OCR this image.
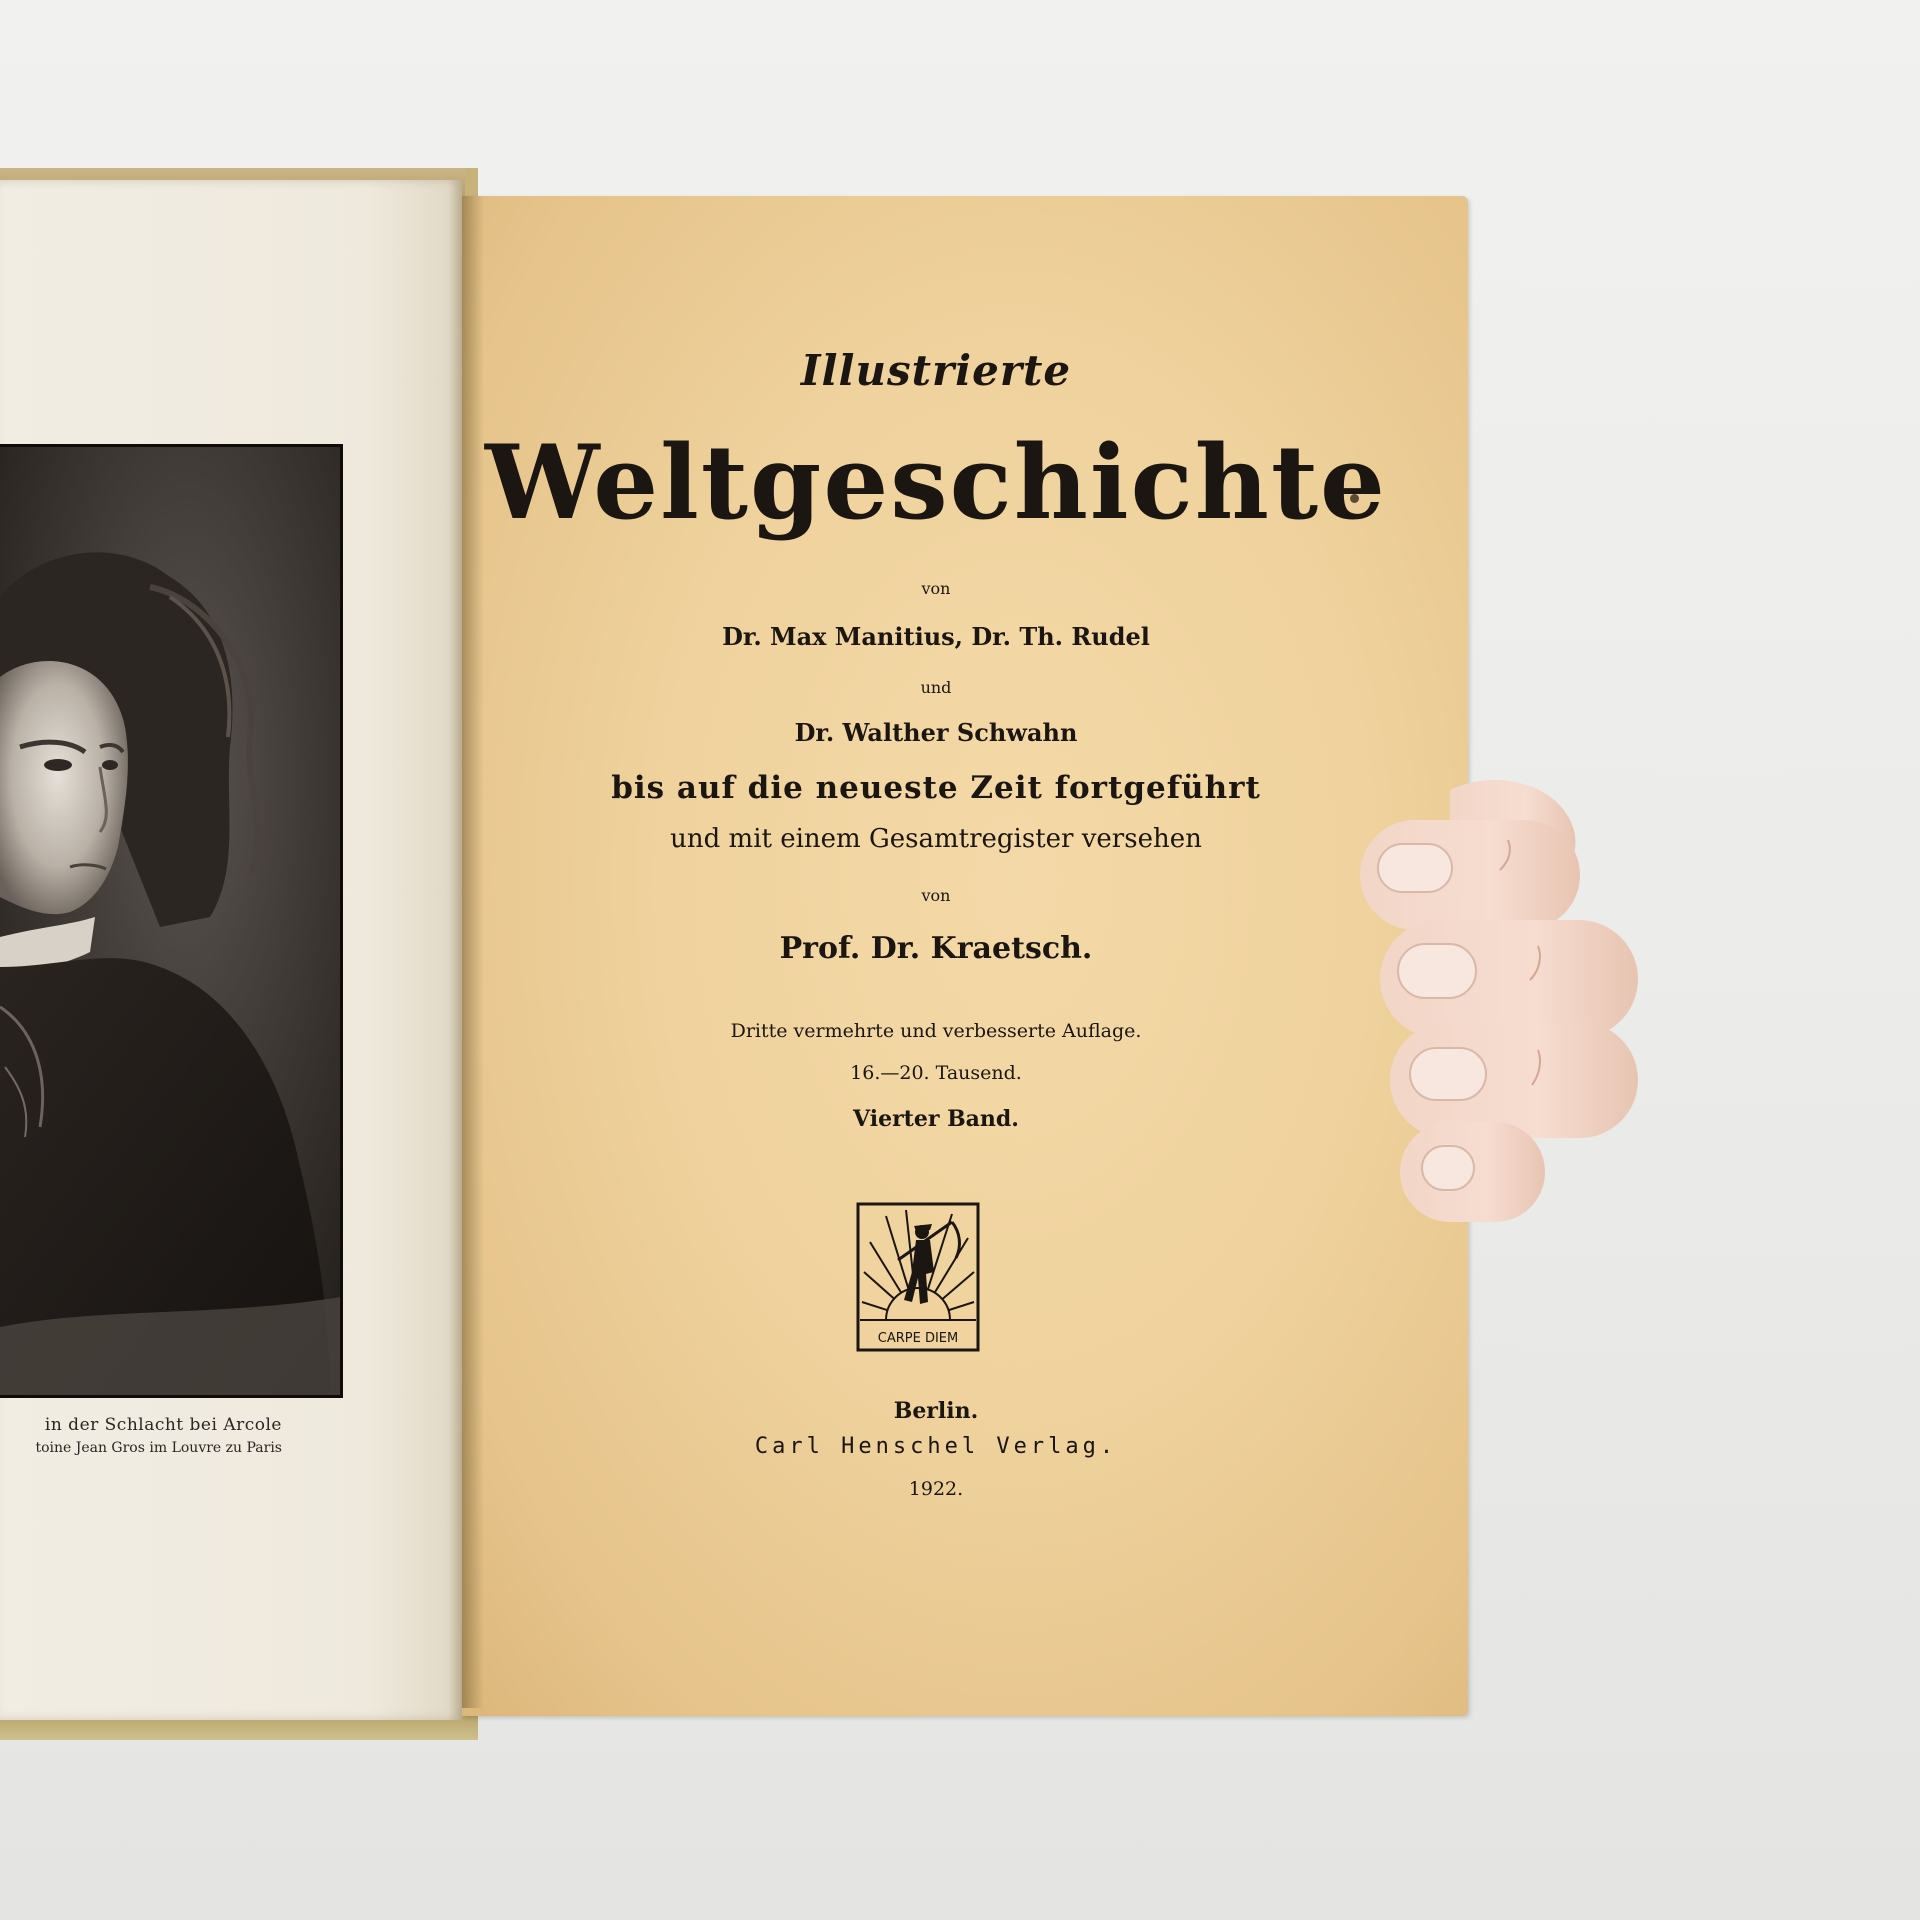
in der Schlacht bei Arcole
toine Jean Gros im Louvre zu Paris
Illustrierte
Weltgeschichte
von
Dr. Max Manitius, Dr. Th. Rudel
und
Dr. Walther Schwahn
bis auf die neueste Zeit fortgeführt
und mit einem Gesamtregister versehen
von
Prof. Dr. Kraetsch.
Dritte vermehrte und verbesserte Auflage.
16.—20. Tausend.
Vierter Band.
CARPE DIEM
Berlin.
Carl Henschel Verlag.
1922.
